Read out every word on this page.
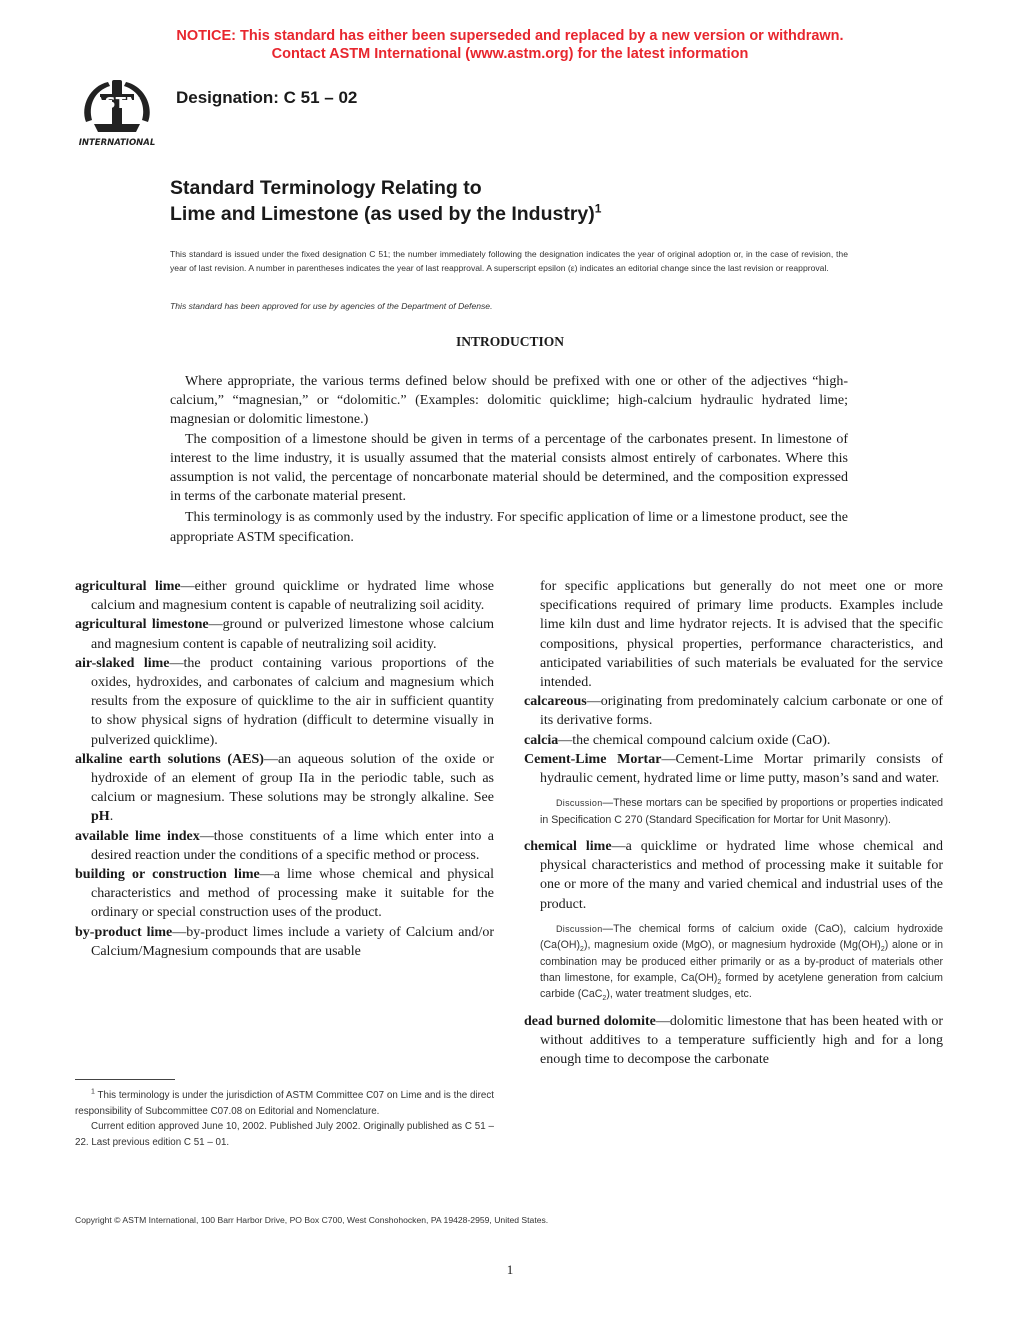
NOTICE: This standard has either been superseded and replaced by a new version or withdrawn.
Contact ASTM International (www.astm.org) for the latest information
ASTM
INTERNATIONAL
Designation: C 51 – 02
Standard Terminology Relating to
Lime and Limestone (as used by the Industry)$^1$

This standard is issued under the fixed designation C 51; the number immediately following the designation indicates the year of original adoption or, in the case of revision, the year of last revision. A number in parentheses indicates the year of last reapproval. A superscript epsilon (ε) indicates an editorial change since the last revision or reapproval.

This standard has been approved for use by agencies of the Department of Defense.
INTRODUCTION

Where appropriate, the various terms defined below should be prefixed with one or other of the adjectives “high-calcium,” “magnesian,” or “dolomitic.” (Examples: dolomitic quicklime; high-calcium hydraulic hydrated lime; magnesian or dolomitic limestone.)

The composition of a limestone should be given in terms of a percentage of the carbonates present. In limestone of interest to the lime industry, it is usually assumed that the material consists almost entirely of carbonates. Where this assumption is not valid, the percentage of noncarbonate material should be determined, and the composition expressed in terms of the carbonate material present.

This terminology is as commonly used by the industry. For specific application of lime or a limestone product, see the appropriate ASTM specification.

agricultural lime—either ground quicklime or hydrated lime whose calcium and magnesium content is capable of neutralizing soil acidity.

agricultural limestone—ground or pulverized limestone whose calcium and magnesium content is capable of neutralizing soil acidity.

air-slaked lime—the product containing various proportions of the oxides, hydroxides, and carbonates of calcium and magnesium which results from the exposure of quicklime to the air in sufficient quantity to show physical signs of hydration (difficult to determine visually in pulverized quicklime).

alkaline earth solutions (AES)—an aqueous solution of the oxide or hydroxide of an element of group IIa in the periodic table, such as calcium or magnesium. These solutions may be strongly alkaline. See pH.

available lime index—those constituents of a lime which enter into a desired reaction under the conditions of a specific method or process.

building or construction lime—a lime whose chemical and physical characteristics and method of processing make it suitable for the ordinary or special construction uses of the product.

by-product lime—by-product limes include a variety of Calcium and/or Calcium/Magnesium compounds that are usable

$^1$ This terminology is under the jurisdiction of ASTM Committee C07 on Lime and is the direct responsibility of Subcommittee C07.08 on Editorial and Nomenclature.

Current edition approved June 10, 2002. Published July 2002. Originally published as C 51 – 22. Last previous edition C 51 – 01.

for specific applications but generally do not meet one or more specifications required of primary lime products. Examples include lime kiln dust and lime hydrator rejects. It is advised that the specific compositions, physical properties, performance characteristics, and anticipated variabilities of such materials be evaluated for the service intended.

calcareous—originating from predominately calcium carbonate or one of its derivative forms.

calcia—the chemical compound calcium oxide (CaO).

Cement-Lime Mortar—Cement-Lime Mortar primarily consists of hydraulic cement, hydrated lime or lime putty, mason’s sand and water.

Discussion—These mortars can be specified by proportions or properties indicated in Specification C 270 (Standard Specification for Mortar for Unit Masonry).

chemical lime—a quicklime or hydrated lime whose chemical and physical characteristics and method of processing make it suitable for one or more of the many and varied chemical and industrial uses of the product.

Discussion—The chemical forms of calcium oxide (CaO), calcium hydroxide $(Ca(OH)_2)$, magnesium oxide (MgO), or magnesium hydroxide $(Mg(OH)_2)$ alone or in combination may be produced either primarily or as a by-product of materials other than limestone, for example, $Ca(OH)_2$ formed by acetylene generation from calcium carbide (CaC$_2$), water treatment sludges, etc.

dead burned dolomite—dolomitic limestone that has been heated with or without additives to a temperature sufficiently high and for a long enough time to decompose the carbonate

Copyright © ASTM International, 100 Barr Harbor Drive, PO Box C700, West Conshohocken, PA 19428-2959, United States.
1
